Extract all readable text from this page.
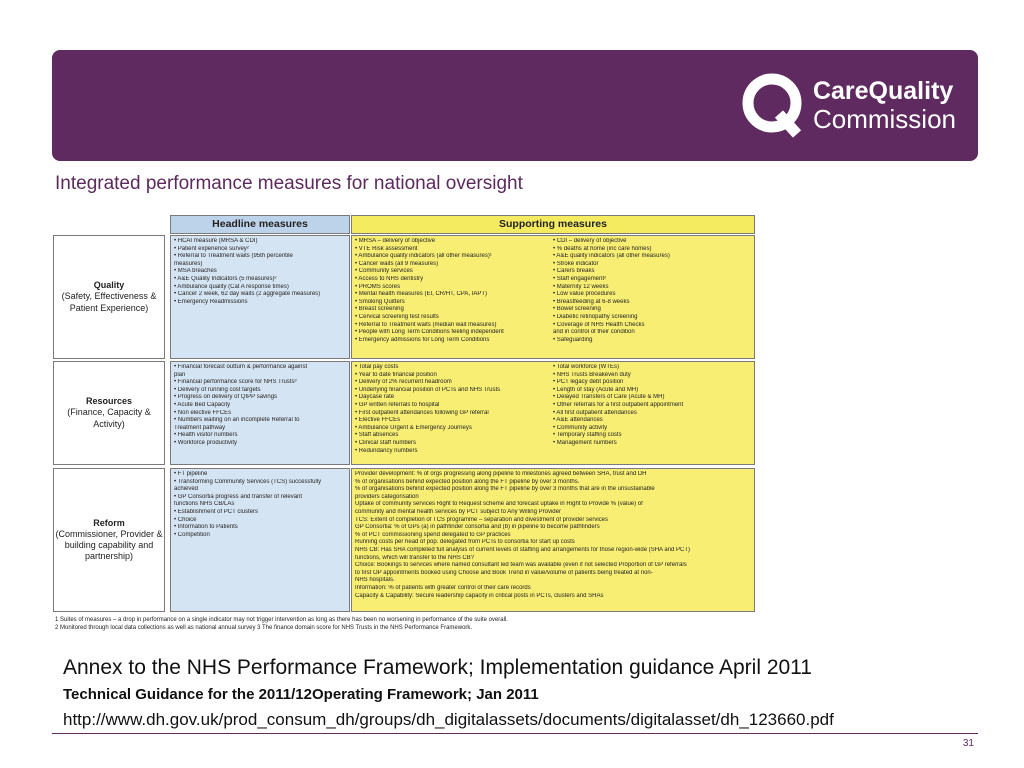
CareQuality
Commission
Integrated performance measures for national oversight
Headline measures	Supporting measures
Quality
(Safety, Effectiveness & Patient Experience)
• HCAI measure (MRSA & CDI)
• Patient experience survey²
• Referral to Treatment waits (95th percentile
measures)
• MSA breaches
• A&E Quality Indicators (5 measures)²
• Ambulance quality (Cat A response times)
• Cancer 2 week, 62 day waits (2 aggregate measures)
• Emergency Readmissions
• MRSA – delivery of objective
• VTE Risk assessment
• Ambulance quality indicators (all other measures)¹
• Cancer waits (all 9 measures)
• Community services
• Access to NHS dentistry
• PROMS scores
• Mental health measures (EI, CR/HT, CPA, IAPT)
• Smoking Quitters
• Breast screening
• Cervical screening test results
• Referral to Treatment waits (median wait measures)
• People with Long Term Conditions feeling independent
• Emergency admissions for Long Term Conditions
• CDI – delivery of objective
• % deaths at home (inc care homes)
• A&E quality indicators (all other measures)
• Stroke indicator
• Carers breaks
• Staff engagement²
• Maternity 12 weeks
• Low value procedures
• Breastfeeding at 6-8 weeks
• Bowel screening
• Diabetic retinopathy screening
• Coverage of NHS Health Checks
and in control of their condition
• Safeguarding
Resources
(Finance, Capacity & Activity)
• Financial forecast outturn & performance against
plan
• Financial performance score for NHS Trusts³
• Delivery of running cost targets
• Progress on delivery of QIPP savings
• Acute Bed Capacity
• Non elective FFCEs
• Numbers waiting on an incomplete Referral to
Treatment pathway
• Health visitor numbers
• Workforce productivity
• Total pay costs
• Year to date financial position
• Delivery of 2% recurrent headroom
• Underlying financial position of PCTs and NHS Trusts
• Daycase rate
• GP written referrals to hospital
• First outpatient attendances following GP referral
• Elective FFCEs
• Ambulance Urgent & Emergency Journeys
• Staff absences
• Clinical staff numbers
• Redundancy numbers
• Total workforce (WTEs)
• NHS Trusts Breakeven duty
• PCT legacy debt position
• Length of stay (Acute and MH)
• Delayed Transfers of Care (Acute & MH)
• Other referrals for a first outpatient appointment
• All first outpatient attendances
• A&E attendances
• Community activity
• Temporary staffing costs
• Management numbers
Reform
(Commissioner, Provider & building capability and partnership)
• FT pipeline
• Transforming Community Services (TCS) successfully
achieved
• GP Consortia progress and transfer of relevant
functions NHS CB/LAs
• Establishment of PCT clusters
• Choice
• Information to Patients
• Competition
Provider development: % of orgs progressing along pipeline to milestones agreed between SHA, trust and DH
% of organisations behind expected position along the FT pipeline by over 3 months.
% of organisations behind expected position along the FT pipeline by over 3 months that are in the unsustainable
providers categorisation
Uptake of community services Right to Request scheme and forecast uptake in Right to Provide % (value) of
community and mental health services by PCT subject to Any Willing Provider
TCS: Extent of completion of TCS programme – separation and divestment of provider services
GP Consortia: % of GPs (a) in pathfinder consortia and (b) in pipeline to become pathfinders
% of PCT commissioning spend delegated to GP practices
Running costs per head of pop. delegated from PCTs to consortia for start up costs
NHS CB: Has SHA completed full analysis of current levels of staffing and arrangements for those region-wide (SHA and PCT)
functions, which will transfer to the NHS CB?
Choice: Bookings to services where named consultant led team was available (even if not selected Proportion of GP referrals
to first OP appointments booked using Choose and Book Trend in value/volume of patients being treated at non-
NHS hospitals.
Information: % of patients with greater control of their care records
Capacity & Capability: Secure leadership capacity in critical posts in PCTs, clusters and SHAs
1 Suites of measures – a drop in performance on a single indicator may not trigger intervention as long as there has been no worsening in performance of the suite overall.
2 Monitored through local data collections as well as national annual survey 3 The finance domain score for NHS Trusts in the NHS Performance Framework.
Annex to the NHS Performance Framework; Implementation guidance April 2011
Technical Guidance for the 2011/12Operating Framework; Jan 2011
http://www.dh.gov.uk/prod_consum_dh/groups/dh_digitalassets/documents/digitalasset/dh_123660.pdf
31
